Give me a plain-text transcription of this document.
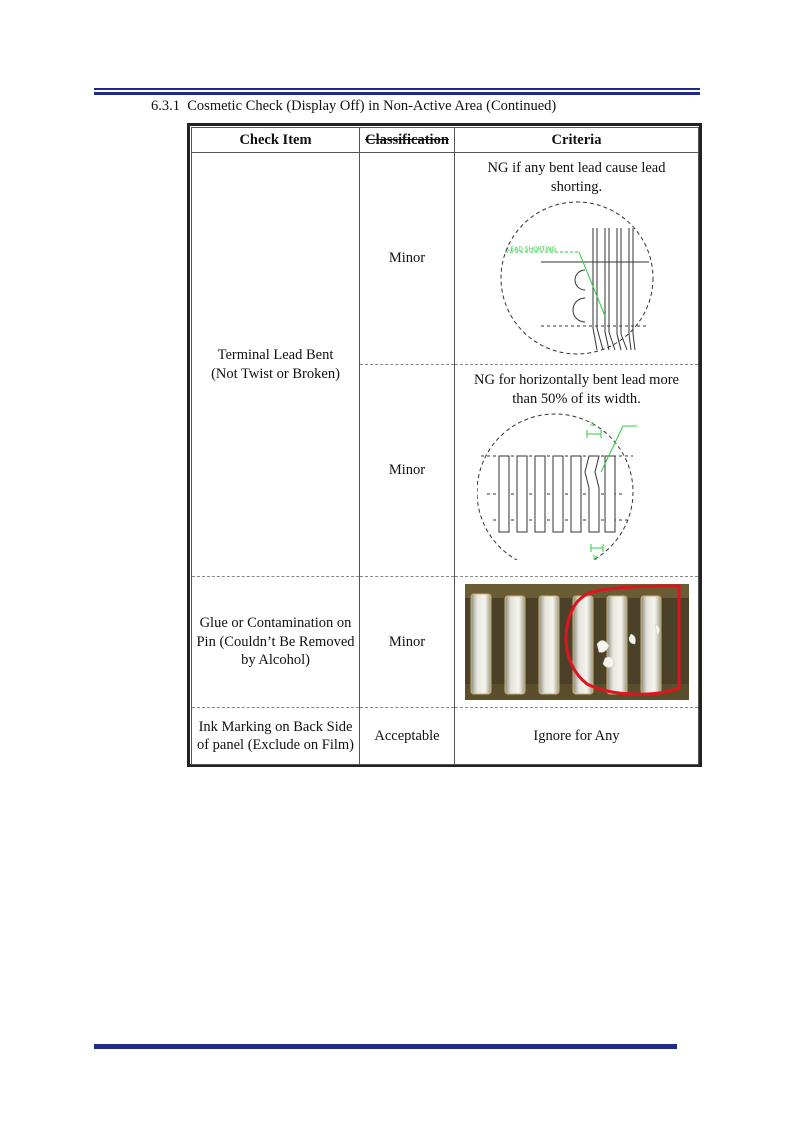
6.3.1 Cosmetic Check (Display Off) in Non-Active Area (Continued)
Check Item	Classification	Criteria

Terminal Lead Bent
(Not Twist or Broken)	Minor	NG if any bent lead cause lead shorting.
LEAD SHORTING

	Minor	NG for horizontally bent lead more than 50% of its width.
a
b

Glue or Contamination on Pin (Couldn’t Be Removed by Alcohol)	Minor

Ink Marking on Back Side of panel (Exclude on Film)	Acceptable	Ignore for Any
